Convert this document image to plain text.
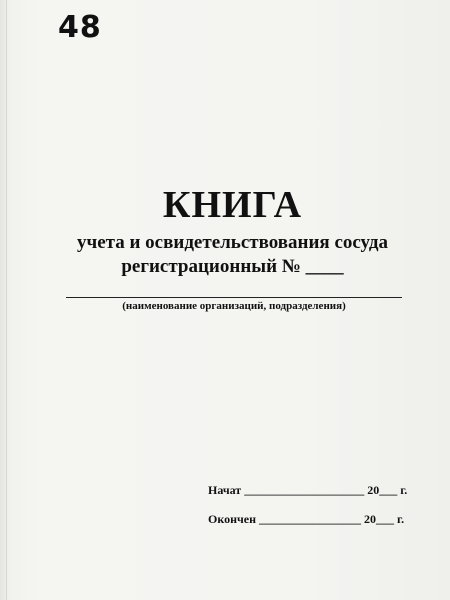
48
КНИГА
учета и освидетельствования сосуда
регистрационный № ____
(наименование организаций, подразделения)
Начат ____________________ 20___ г.
Окончен _________________ 20___ г.
